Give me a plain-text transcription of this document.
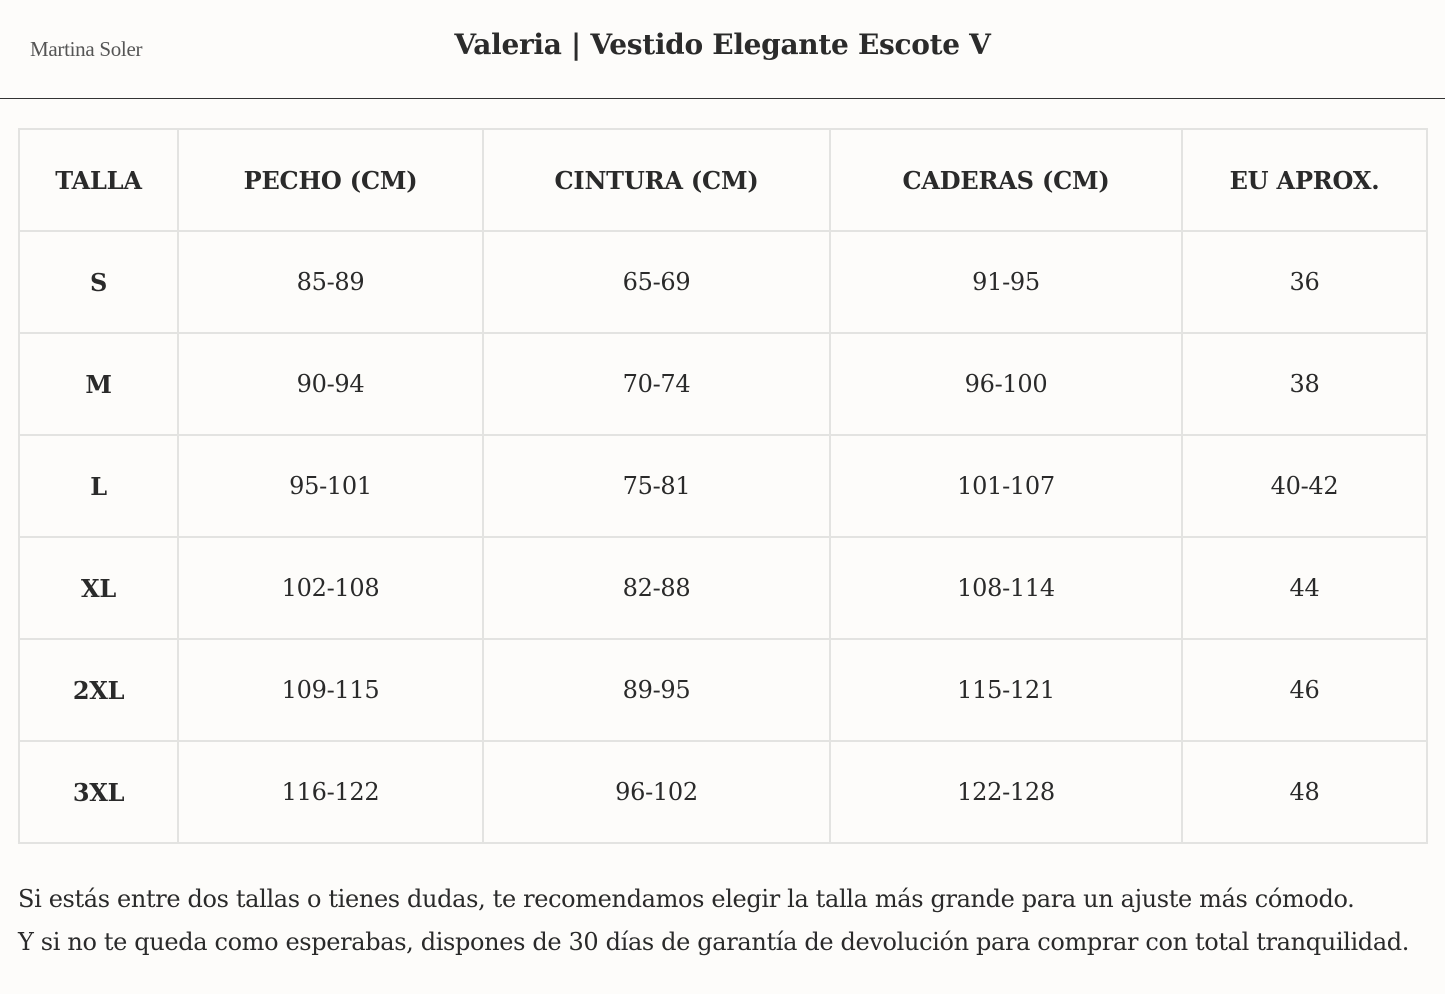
Martina Soler	Valeria | Vestido Elegante Escote V
TALLA	PECHO (CM)	CINTURA (CM)	CADERAS (CM)	EU APROX.
S	85-89	65-69	91-95	36
M	90-94	70-74	96-100	38
L	95-101	75-81	101-107	40-42
XL	102-108	82-88	108-114	44
2XL	109-115	89-95	115-121	46
3XL	116-122	96-102	122-128	48
Si estás entre dos tallas o tienes dudas, te recomendamos elegir la talla más grande para un ajuste más cómodo.
Y si no te queda como esperabas, dispones de 30 días de garantía de devolución para comprar con total tranquilidad.
